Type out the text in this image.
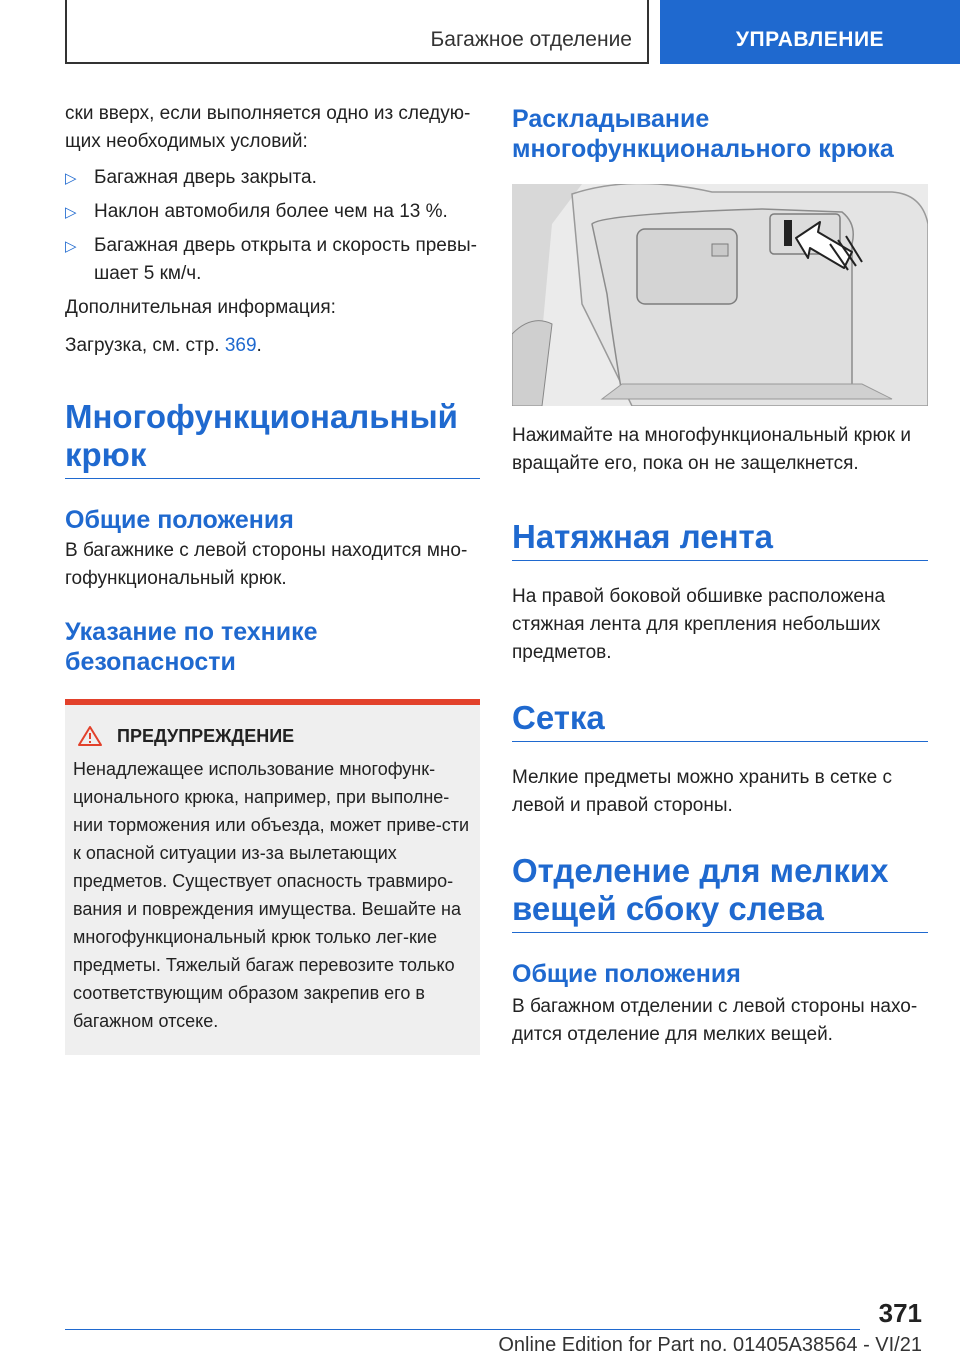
Багажное отделение	УПРАВЛЕНИЕ

ски вверх, если выполняется одно из следую-щих необходимых условий:

▷ Багажная дверь закрыта.
▷ Наклон автомобиля более чем на 13 %.
▷ Багажная дверь открыта и скорость превы-шает 5 км/ч.

Дополнительная информация:

Загрузка, см. стр. 369.

Многофункциональный крюк
Общие положения

В багажнике с левой стороны находится мно-гофункциональный крюк.

Указание по технике безопасности
ПРЕДУПРЕЖДЕНИЕ

Ненадлежащее использование многофунк-ционального крюка, например, при выполне-нии торможения или объезда, может приве-сти к опасной ситуации из-за вылетающих предметов. Существует опасность травмиро-вания и повреждения имущества. Вешайте на многофункциональный крюк только лег-кие предметы. Тяжелый багаж перевозите только соответствующим образом закрепив его в багажном отсеке.

Раскладывание многофункционального крюка

Нажимайте на многофункциональный крюк и вращайте его, пока он не защелкнется.

Натяжная лента

На правой боковой обшивке расположена стяжная лента для крепления небольших предметов.

Сетка

Мелкие предметы можно хранить в сетке с левой и правой стороны.

Отделение для мелких вещей сбоку слева
Общие положения

В багажном отделении с левой стороны нахо-дится отделение для мелких вещей.

371
Online Edition for Part no. 01405A38564 - VI/21
